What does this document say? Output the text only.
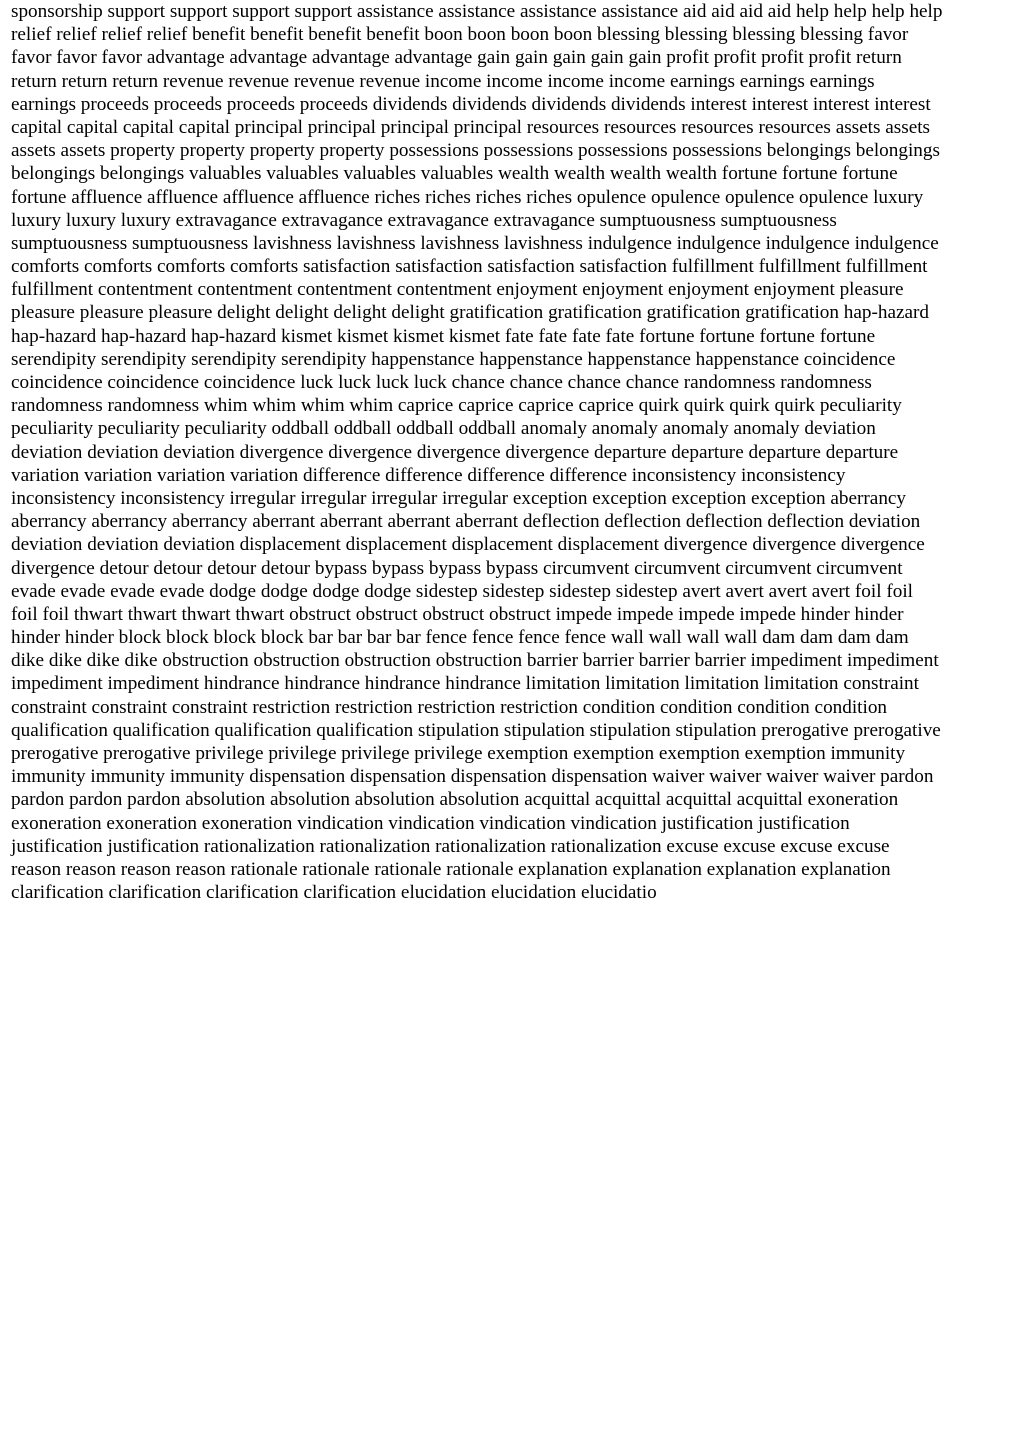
sponsorship support support support support assistance assistance assistance assistance aid aid aid aid help help help help
relief relief relief relief benefit benefit benefit benefit boon boon boon boon blessing blessing blessing blessing favor
favor favor favor advantage advantage advantage advantage gain gain gain gain gain profit profit profit profit return
return return return revenue revenue revenue revenue income income income income earnings earnings earnings
earnings proceeds proceeds proceeds proceeds dividends dividends dividends dividends interest interest interest interest
capital capital capital capital principal principal principal principal resources resources resources resources assets assets
assets assets property property property property possessions possessions possessions possessions belongings belongings
belongings belongings valuables valuables valuables valuables wealth wealth wealth wealth fortune fortune fortune
fortune affluence affluence affluence affluence riches riches riches riches opulence opulence opulence opulence luxury
luxury luxury luxury extravagance extravagance extravagance extravagance sumptuousness sumptuousness
sumptuousness sumptuousness lavishness lavishness lavishness lavishness indulgence indulgence indulgence indulgence
comforts comforts comforts comforts satisfaction satisfaction satisfaction satisfaction fulfillment fulfillment fulfillment
fulfillment contentment contentment contentment contentment enjoyment enjoyment enjoyment enjoyment pleasure
pleasure pleasure pleasure delight delight delight delight gratification gratification gratification gratification hap-hazard
hap-hazard hap-hazard hap-hazard kismet kismet kismet kismet fate fate fate fate fortune fortune fortune fortune
serendipity serendipity serendipity serendipity happenstance happenstance happenstance happenstance coincidence
coincidence coincidence coincidence luck luck luck luck chance chance chance chance randomness randomness
randomness randomness whim whim whim whim caprice caprice caprice caprice quirk quirk quirk quirk peculiarity
peculiarity peculiarity peculiarity oddball oddball oddball oddball anomaly anomaly anomaly anomaly deviation
deviation deviation deviation divergence divergence divergence divergence departure departure departure departure
variation variation variation variation difference difference difference difference inconsistency inconsistency
inconsistency inconsistency irregular irregular irregular irregular exception exception exception exception aberrancy
aberrancy aberrancy aberrancy aberrant aberrant aberrant aberrant deflection deflection deflection deflection deviation
deviation deviation deviation displacement displacement displacement displacement divergence divergence divergence
divergence detour detour detour detour bypass bypass bypass bypass circumvent circumvent circumvent circumvent
evade evade evade evade dodge dodge dodge dodge sidestep sidestep sidestep sidestep avert avert avert avert foil foil
foil foil thwart thwart thwart thwart obstruct obstruct obstruct obstruct impede impede impede impede hinder hinder
hinder hinder block block block block bar bar bar bar fence fence fence fence wall wall wall wall dam dam dam dam
dike dike dike dike obstruction obstruction obstruction obstruction barrier barrier barrier barrier impediment impediment
impediment impediment hindrance hindrance hindrance hindrance limitation limitation limitation limitation constraint
constraint constraint constraint restriction restriction restriction restriction condition condition condition condition
qualification qualification qualification qualification stipulation stipulation stipulation stipulation prerogative prerogative
prerogative prerogative privilege privilege privilege privilege exemption exemption exemption exemption immunity
immunity immunity immunity dispensation dispensation dispensation dispensation waiver waiver waiver waiver pardon
pardon pardon pardon absolution absolution absolution absolution acquittal acquittal acquittal acquittal exoneration
exoneration exoneration exoneration vindication vindication vindication vindication justification justification
justification justification rationalization rationalization rationalization rationalization excuse excuse excuse excuse
reason reason reason reason rationale rationale rationale rationale explanation explanation explanation explanation
clarification clarification clarification clarification elucidation elucidation elucidatio
